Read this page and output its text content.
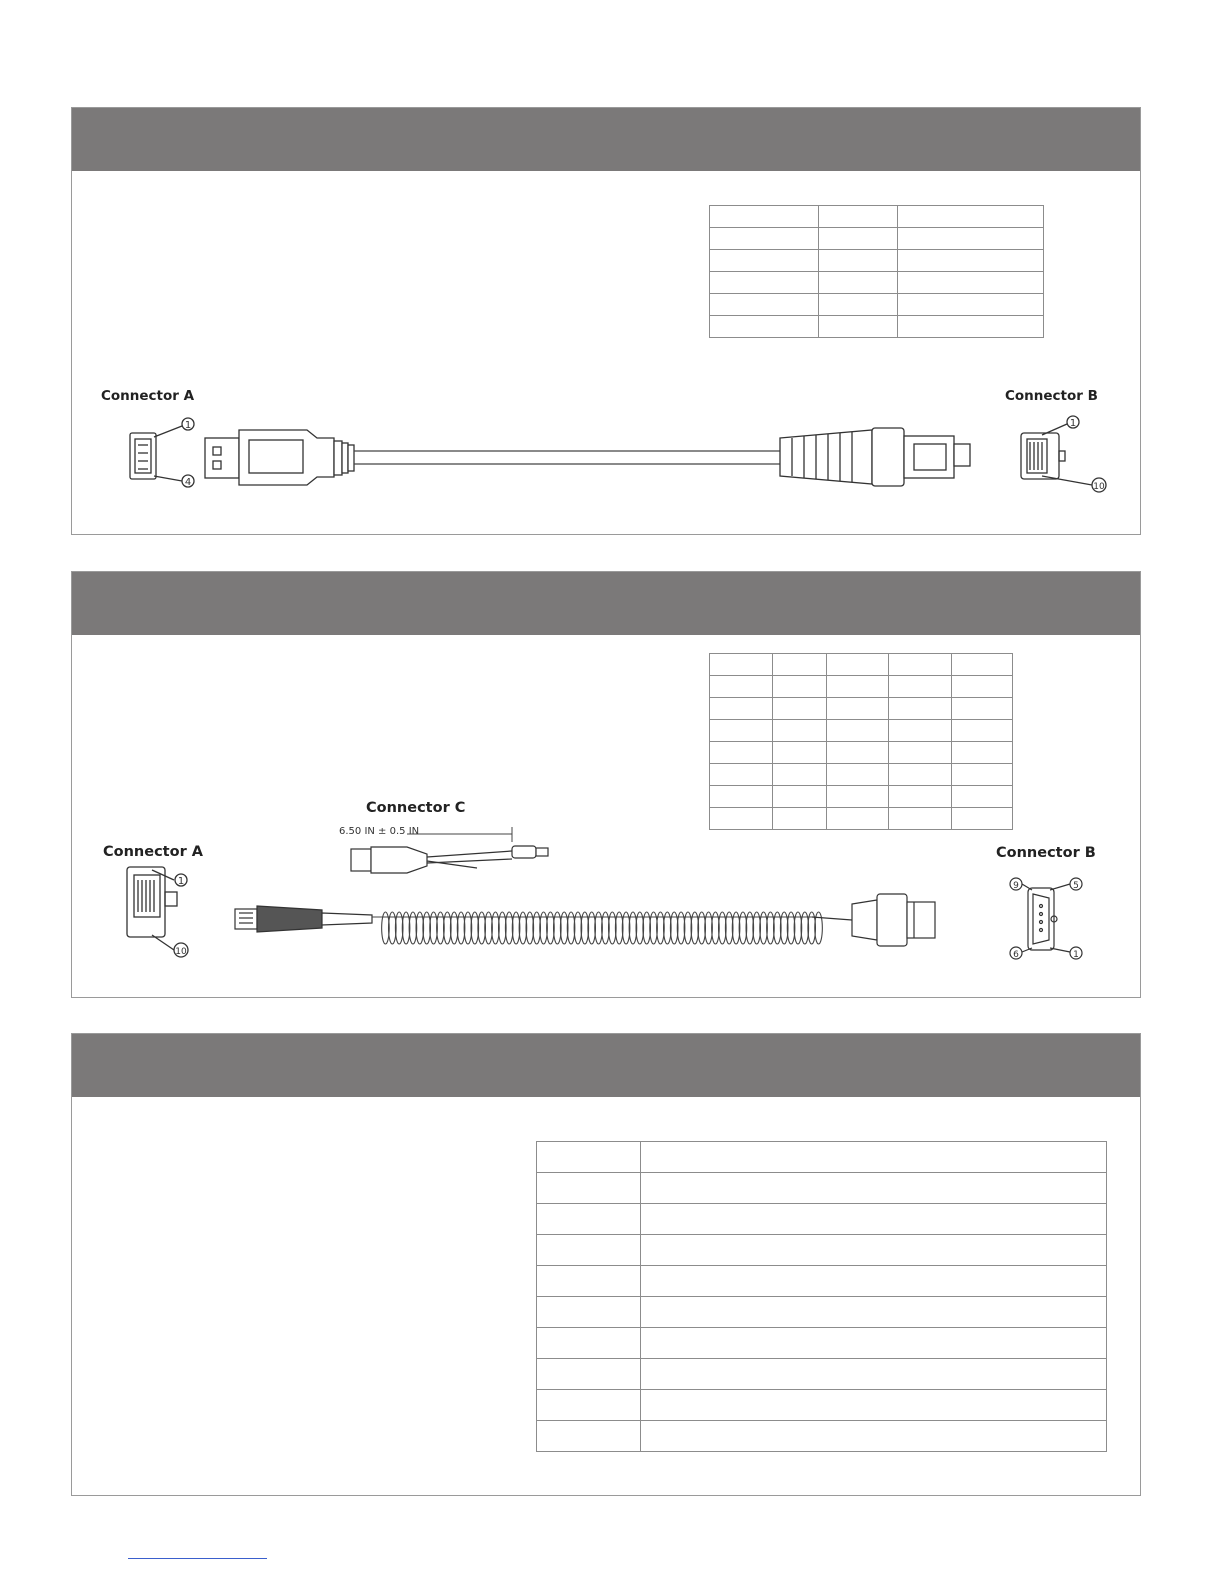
Connector A	Connector B
1
4
1
10

Connector C
6.50 IN ± 0.5 IN
Connector A	Connector B
1
10
9	5
6	1
